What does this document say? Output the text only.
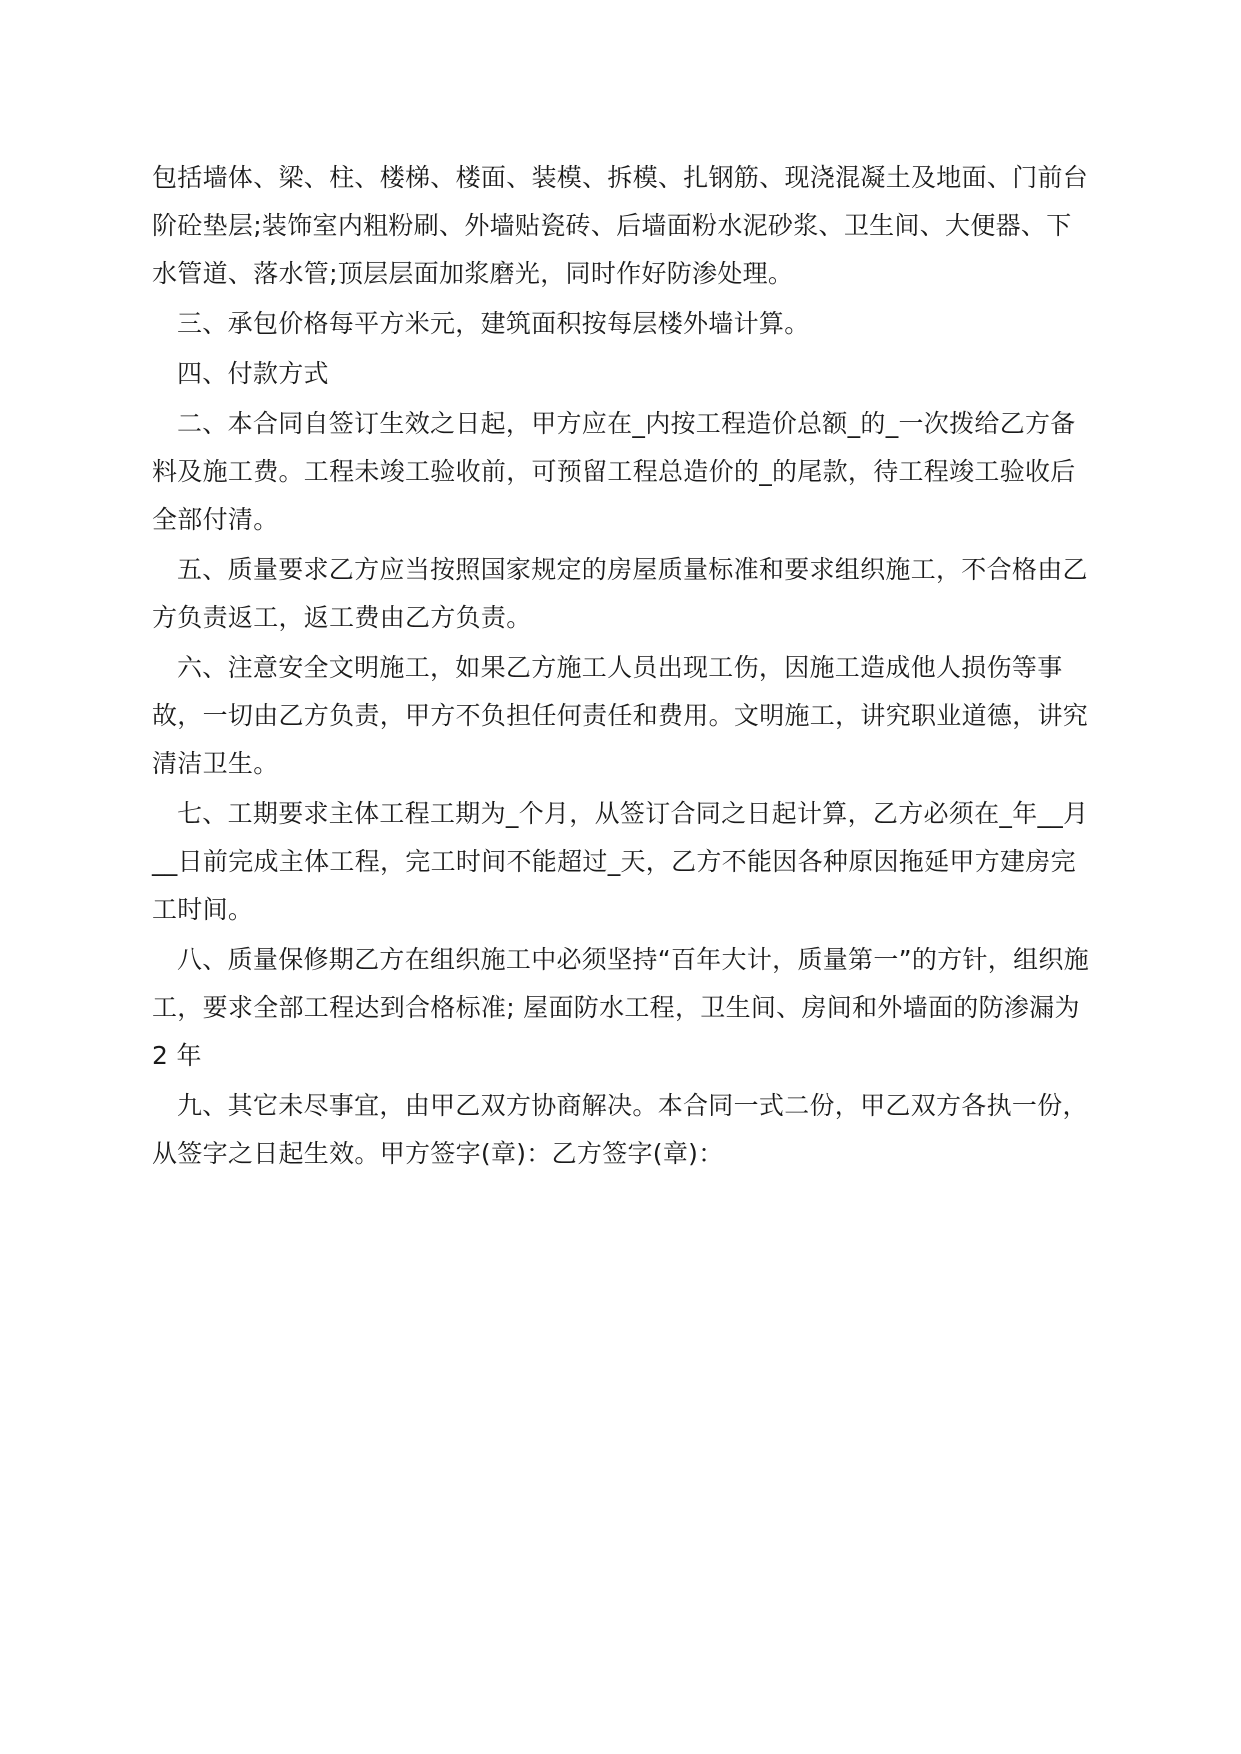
包括墙体、梁、柱、楼梯、楼面、装模、拆模、扎钢筋、现浇混凝土及地面、门前台阶砼垫层;装饰室内粗粉刷、外墙贴瓷砖、后墙面粉水泥砂浆、卫生间、大便器、下水管道、落水管;顶层层面加浆磨光，同时作好防渗处理。

三、承包价格每平方米元，建筑面积按每层楼外墙计算。

四、付款方式

二、本合同自签订生效之日起，甲方应在_内按工程造价总额_的_一次拨给乙方备料及施工费。工程未竣工验收前，可预留工程总造价的_的尾款，待工程竣工验收后全部付清。

五、质量要求乙方应当按照国家规定的房屋质量标准和要求组织施工，不合格由乙方负责返工，返工费由乙方负责。

六、注意安全文明施工，如果乙方施工人员出现工伤，因施工造成他人损伤等事故，一切由乙方负责，甲方不负担任何责任和费用。文明施工，讲究职业道德，讲究清洁卫生。

七、工期要求主体工程工期为_个月，从签订合同之日起计算，乙方必须在_年__月__日前完成主体工程，完工时间不能超过_天，乙方不能因各种原因拖延甲方建房完工时间。

八、质量保修期乙方在组织施工中必须坚持“百年大计，质量第一”的方针，组织施工，要求全部工程达到合格标准; 屋面防水工程，卫生间、房间和外墙面的防渗漏为 2 年

九、其它未尽事宜，由甲乙双方协商解决。本合同一式二份，甲乙双方各执一份，从签字之日起生效。甲方签字(章)：乙方签字(章)：
